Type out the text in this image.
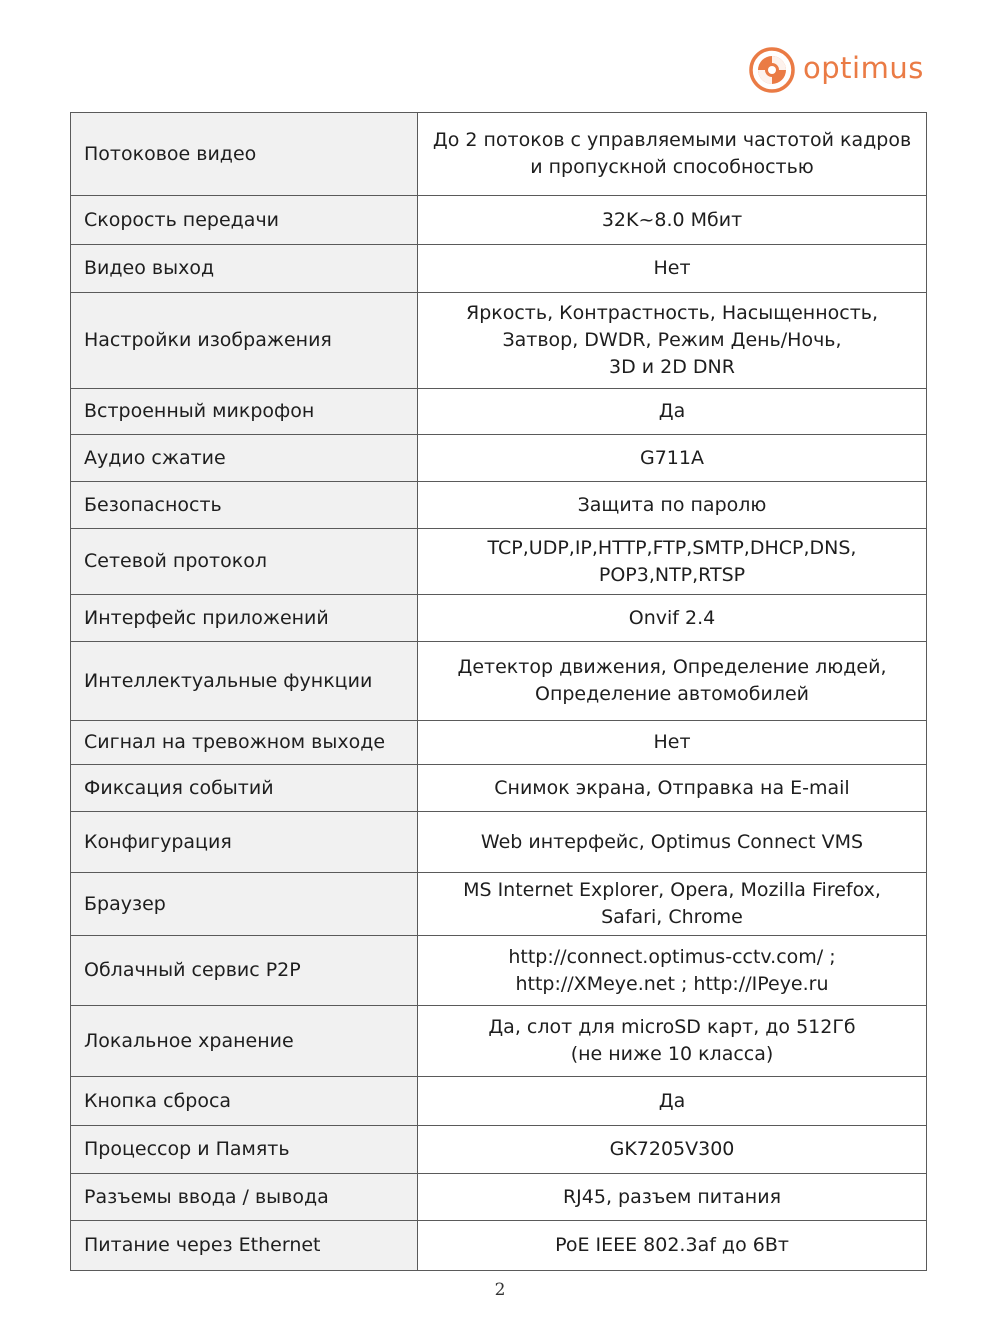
optimus
Потоковое видео	До 2 потоков с управляемыми частотой кадров
и пропускной способностью

Скорость передачи	32K~8.0 Мбит

Видео выход	Нет

Настройки изображения	Яркость, Контрастность, Насыщенность,
Затвор, DWDR, Режим День/Ночь,
3D и 2D DNR

Встроенный микрофон	Да

Аудио сжатие	G711A

Безопасность	Защита по паролю

Сетевой протокол	TCP,UDP,IP,HTTP,FTP,SMTP,DHCP,DNS,
POP3,NTP,RTSP

Интерфейс приложений	Onvif 2.4

Интеллектуальные функции	Детектор движения, Определение людей,
Определение автомобилей

Сигнал на тревожном выходе	Нет

Фиксация событий	Снимок экрана, Отправка на E-mail

Конфигурация	Web интерфейс, Optimus Connect VMS

Браузер	MS Internet Explorer, Opera, Mozilla Firefox,
Safari, Chrome

Облачный сервис P2P	http://connect.optimus-cctv.com/ ;
http://XMeye.net ; http://IPeye.ru

Локальное хранение	Да, слот для microSD карт, до 512Гб
(не ниже 10 класса)

Кнопка сброса	Да

Процессор и Память	GK7205V300

Разъемы ввода / вывода	RJ45, разъем питания

Питание через Ethernet	PoE IEEE 802.3af до 6Вт
2
